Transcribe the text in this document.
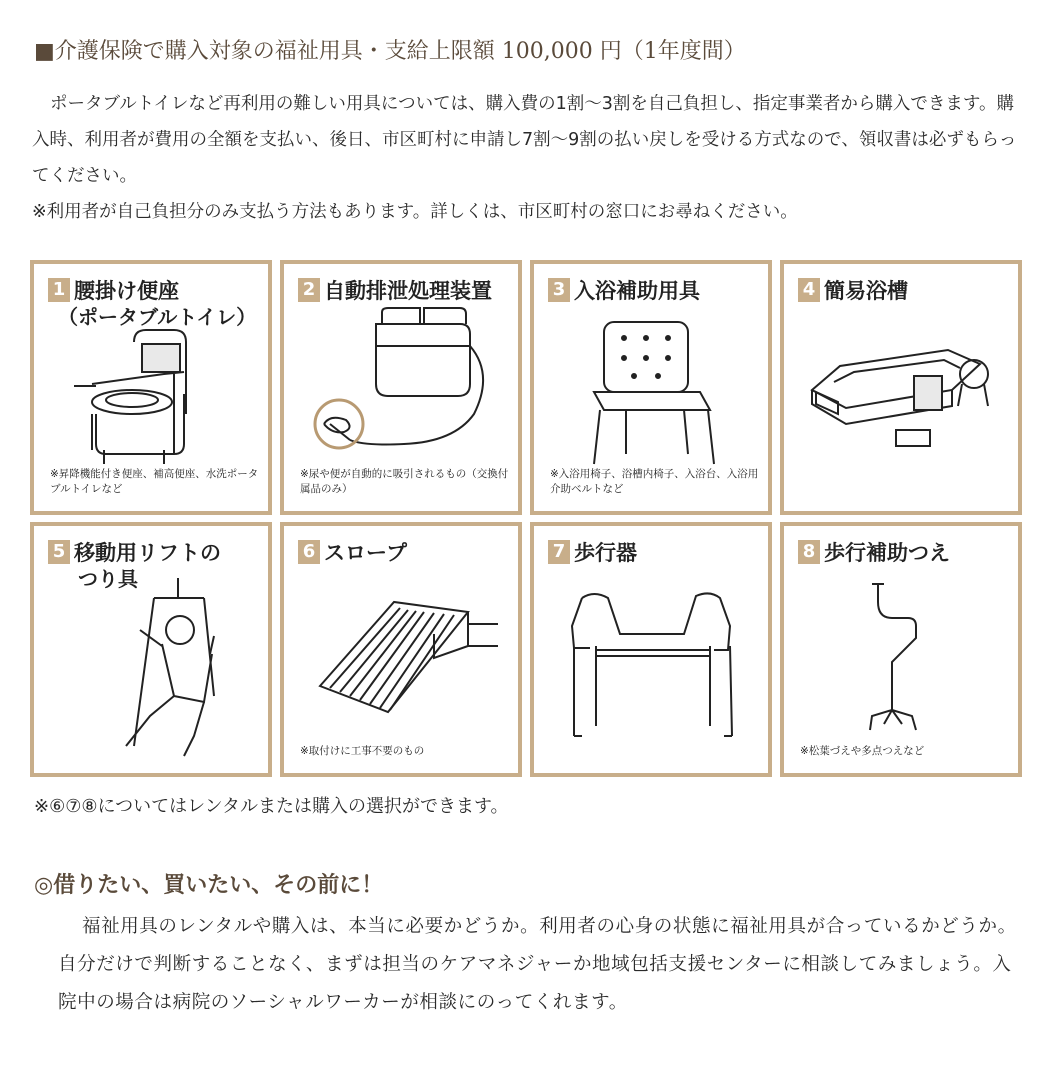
■介護保険で購入対象の福祉用具・支給上限額 100,000 円（1年度間）

ポータブルトイレなど再利用の難しい用具については、購入費の1割～3割を自己負担し、指定事業者から購入できます。購入時、利用者が費用の全額を支払い、後日、市区町村に申請し7割～9割の払い戻しを受ける方式なので、領収書は必ずもらってください。

※利用者が自己負担分のみ支払う方法もあります。詳しくは、市区町村の窓口にお尋ねください。

1 腰掛け便座
（ポータブルトイレ）
※昇降機能付き便座、補高便座、水洗ポータブルトイレなど
2 自動排泄処理装置
※尿や便が自動的に吸引されるもの（交換付属品のみ）
3 入浴補助用具
※入浴用椅子、浴槽内椅子、入浴台、入浴用介助ベルトなど
4 簡易浴槽
5 移動用リフトの
つり具
6 スロープ
※取付けに工事不要のもの
7 歩行器	8 歩行補助つえ
※松葉づえや多点つえなど
※⑥⑦⑧についてはレンタルまたは購入の選択ができます。
◎借りたい、買いたい、その前に！

福祉用具のレンタルや購入は、本当に必要かどうか。利用者の心身の状態に福祉用具が合っているかどうか。自分だけで判断することなく、まずは担当のケアマネジャーか地域包括支援センターに相談してみましょう。入院中の場合は病院のソーシャルワーカーが相談にのってくれます。
